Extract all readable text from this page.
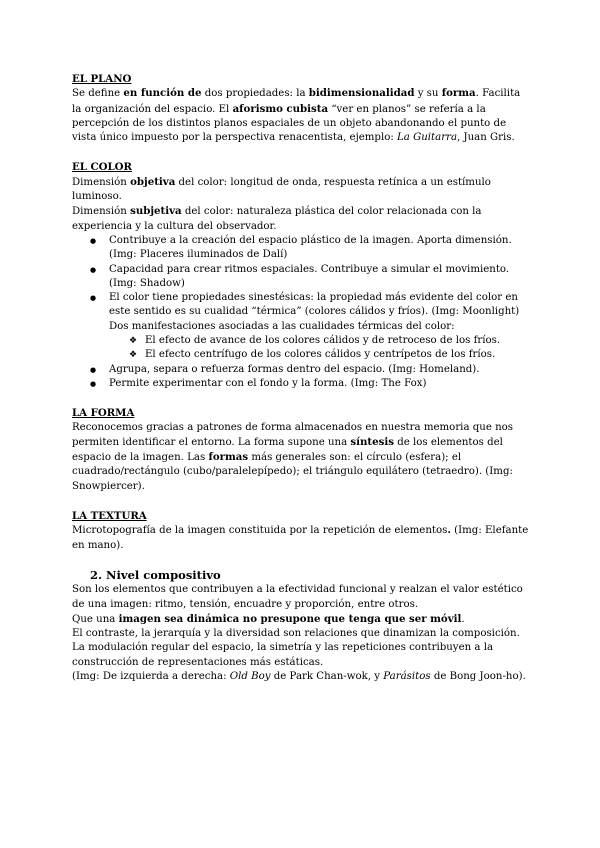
EL PLANO

Se define en función de dos propiedades: la bidimensionalidad y su forma. Facilita la organización del espacio. El aforismo cubista “ver en planos” se refería a la percepción de los distintos planos espaciales de un objeto abandonando el punto de vista único impuesto por la perspectiva renacentista, ejemplo: La Guitarra, Juan Gris.

EL COLOR

Dimensión objetiva del color: longitud de onda, respuesta retínica a un estímulo luminoso.

Dimensión subjetiva del color: naturaleza plástica del color relacionada con la experiencia y la cultura del observador.

● Contribuye a la creación del espacio plástico de la imagen. Aporta dimensión. (Img: Placeres iluminados de Dalí)
● Capacidad para crear ritmos espaciales. Contribuye a simular el movimiento. (Img: Shadow)
● El color tiene propiedades sinestésicas: la propiedad más evidente del color en este sentido es su cualidad “térmica” (colores cálidos y fríos). (Img: Moonlight)
Dos manifestaciones asociadas a las cualidades térmicas del color:
❖ El efecto de avance de los colores cálidos y de retroceso de los fríos.
❖ El efecto centrífugo de los colores cálidos y centrípetos de los fríos.
● Agrupa, separa o refuerza formas dentro del espacio. (Img: Homeland).
● Permite experimentar con el fondo y la forma. (Img: The Fox)

LA FORMA

Reconocemos gracias a patrones de forma almacenados en nuestra memoria que nos permiten identificar el entorno. La forma supone una síntesis de los elementos del espacio de la imagen. Las formas más generales son: el círculo (esfera); el cuadrado/rectángulo (cubo/paralelepípedo); el triángulo equilátero (tetraedro). (Img: Snowpiercer).

LA TEXTURA

Microtopografía de la imagen constituida por la repetición de elementos. (Img: Elefante en mano).

2. Nivel compositivo

Son los elementos que contribuyen a la efectividad funcional y realzan el valor estético de una imagen: ritmo, tensión, encuadre y proporción, entre otros.

Que una imagen sea dinámica no presupone que tenga que ser móvil.

El contraste, la jerarquía y la diversidad son relaciones que dinamizan la composición.

La modulación regular del espacio, la simetría y las repeticiones contribuyen a la construcción de representaciones más estáticas.

(Img: De izquierda a derecha: Old Boy de Park Chan-wok, y Parásitos de Bong Joon-ho).
